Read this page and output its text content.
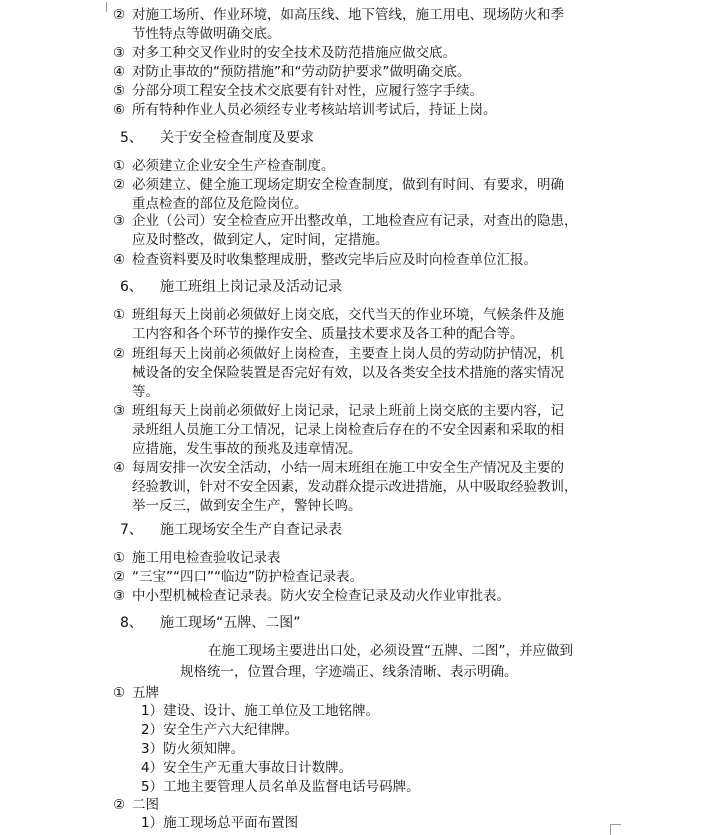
② 对施工场所、作业环境，如高压线、地下管线，施工用电、现场防火和季
节性特点等做明确交底。
③ 对多工种交叉作业时的安全技术及防范措施应做交底。
④ 对防止事故的“预防措施”和“劳动防护要求”做明确交底。
⑤ 分部分项工程安全技术交底要有针对性，应履行签字手续。
⑥ 所有特种作业人员必须经专业考核站培训考试后，持证上岗。
5、 关于安全检查制度及要求
① 必须建立企业安全生产检查制度。
② 必须建立、健全施工现场定期安全检查制度，做到有时间、有要求，明确
重点检查的部位及危险岗位。
③ 企业（公司）安全检查应开出整改单，工地检查应有记录，对查出的隐患，
应及时整改，做到定人，定时间，定措施。
④ 检查资料要及时收集整理成册，整改完毕后应及时向检查单位汇报。
6、 施工班组上岗记录及活动记录
① 班组每天上岗前必须做好上岗交底，交代当天的作业环境，气候条件及施
工内容和各个环节的操作安全、质量技术要求及各工种的配合等。
② 班组每天上岗前必须做好上岗检查，主要查上岗人员的劳动防护情况，机
械设备的安全保险装置是否完好有效，以及各类安全技术措施的落实情况
等。
③ 班组每天上岗前必须做好上岗记录，记录上班前上岗交底的主要内容，记
录班组人员施工分工情况，记录上岗检查后存在的不安全因素和采取的相
应措施，发生事故的预兆及违章情况。
④ 每周安排一次安全活动，小结一周末班组在施工中安全生产情况及主要的
经验教训，针对不安全因素，发动群众提示改进措施，从中吸取经验教训，
举一反三，做到安全生产，警钟长鸣。
7、 施工现场安全生产自查记录表
① 施工用电检查验收记录表
② “三宝”“四口”“临边”防护检查记录表。
③ 中小型机械检查记录表。防火安全检查记录及动火作业审批表。
8、 施工现场“五牌、二图”
在施工现场主要进出口处，必须设置“五牌、二图”，并应做到
规格统一，位置合理，字迹端正、线条清晰、表示明确。
① 五牌
1）建设、设计、施工单位及工地铭牌。
2）安全生产六大纪律牌。
3）防火须知牌。
4）安全生产无重大事故日计数牌。
5）工地主要管理人员名单及监督电话号码牌。
② 二图
1）施工现场总平面布置图
